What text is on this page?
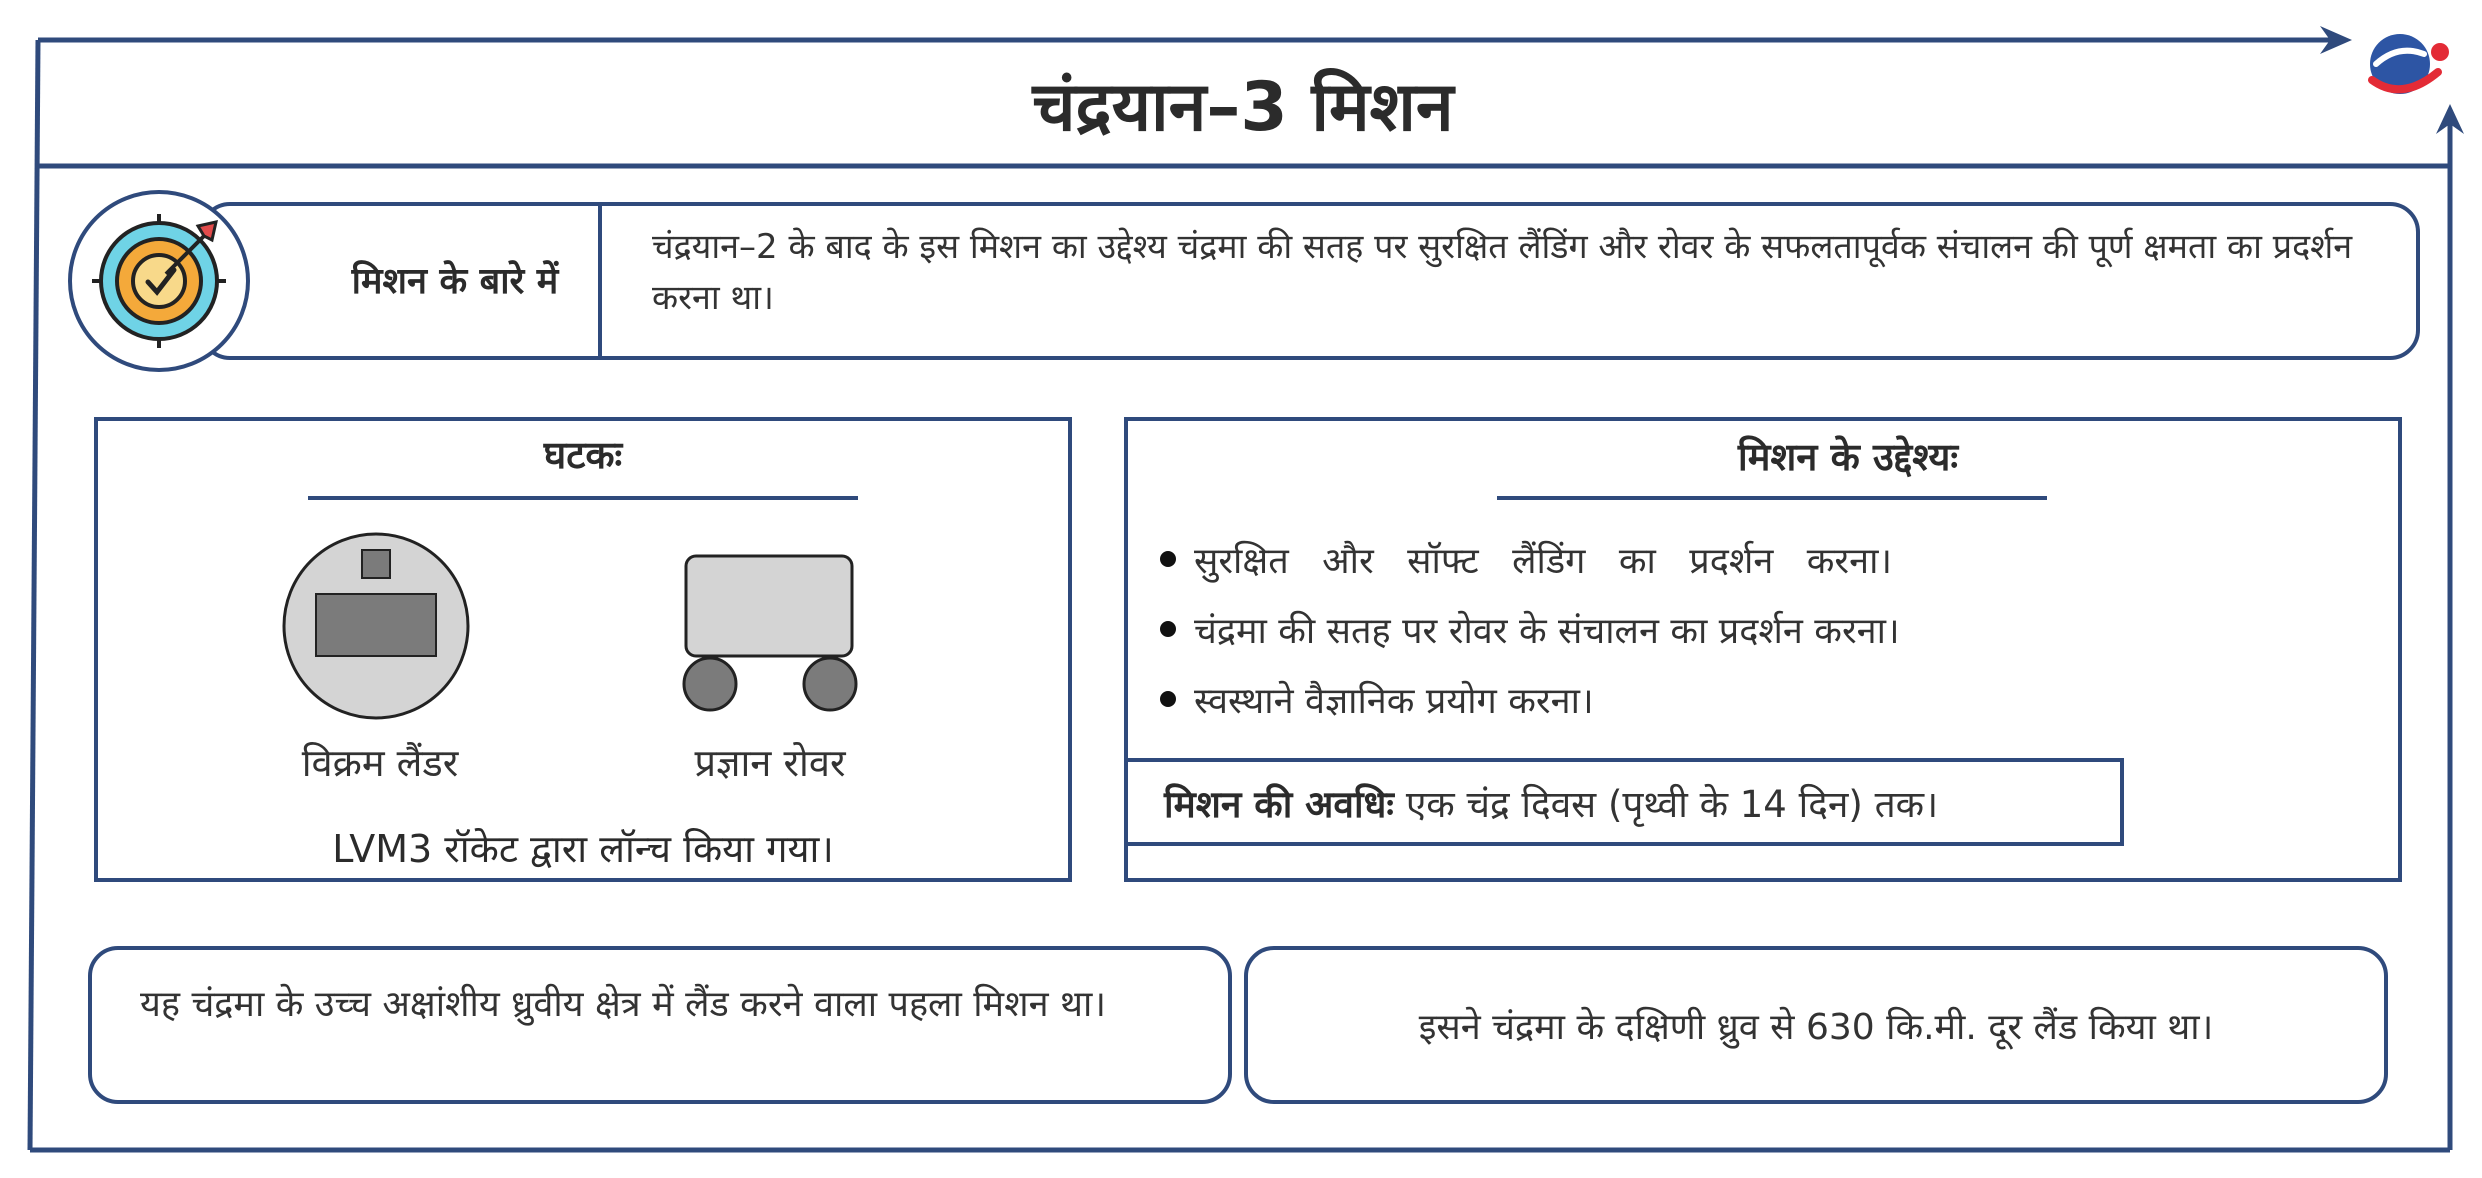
चंद्रयान–3 मिशन
मिशन के बारे में
चंद्रयान–2 के बाद के इस मिशन का उद्देश्य चंद्रमा की सतह पर सुरक्षित लैंडिंग और रोवर के सफलतापूर्वक संचालन की पूर्ण क्षमता का प्रदर्शन करना था।
घटकः
विक्रम लैंडर	प्रज्ञान रोवर
LVM3 रॉकेट द्वारा लॉन्च किया गया।
मिशन के उद्देश्यः
सुरक्षित और सॉफ्ट लैंडिंग का प्रदर्शन करना।
चंद्रमा की सतह पर रोवर के संचालन का प्रदर्शन करना।
स्वस्थाने वैज्ञानिक प्रयोग करना।
मिशन की अवधिः एक चंद्र दिवस (पृथ्वी के 14 दिन) तक।
यह चंद्रमा के उच्च अक्षांशीय ध्रुवीय क्षेत्र में लैंड करने वाला पहला मिशन था।
इसने चंद्रमा के दक्षिणी ध्रुव से 630 कि.मी. दूर लैंड किया था।
